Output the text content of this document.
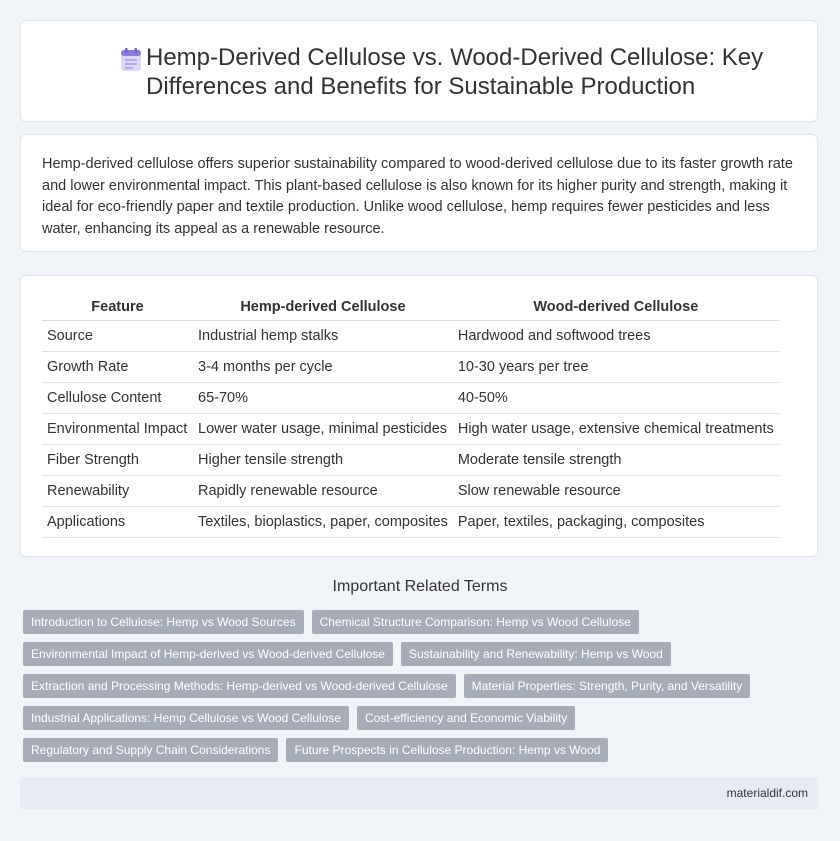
Hemp-Derived Cellulose vs. Wood-Derived Cellulose: Key Differences and Benefits for Sustainable Production

Hemp-derived cellulose offers superior sustainability compared to wood-derived cellulose due to its faster growth rate and lower environmental impact. This plant-based cellulose is also known for its higher purity and strength, making it ideal for eco-friendly paper and textile production. Unlike wood cellulose, hemp requires fewer pesticides and less water, enhancing its appeal as a renewable resource.

Feature	Hemp-derived Cellulose	Wood-derived Cellulose
Source	Industrial hemp stalks	Hardwood and softwood trees
Growth Rate	3-4 months per cycle	10-30 years per tree
Cellulose Content	65-70%	40-50%
Environmental Impact	Lower water usage, minimal pesticides	High water usage, extensive chemical treatments
Fiber Strength	Higher tensile strength	Moderate tensile strength
Renewability	Rapidly renewable resource	Slow renewable resource
Applications	Textiles, bioplastics, paper, composites	Paper, textiles, packaging, composites
Important Related Terms
Introduction to Cellulose: Hemp vs Wood Sources	Chemical Structure Comparison: Hemp vs Wood Cellulose
Environmental Impact of Hemp-derived vs Wood-derived Cellulose	Sustainability and Renewability: Hemp vs Wood
Extraction and Processing Methods: Hemp-derived vs Wood-derived Cellulose	Material Properties: Strength, Purity, and Versatility
Industrial Applications: Hemp Cellulose vs Wood Cellulose	Cost-efficiency and Economic Viability
Regulatory and Supply Chain Considerations	Future Prospects in Cellulose Production: Hemp vs Wood
materialdif.com
